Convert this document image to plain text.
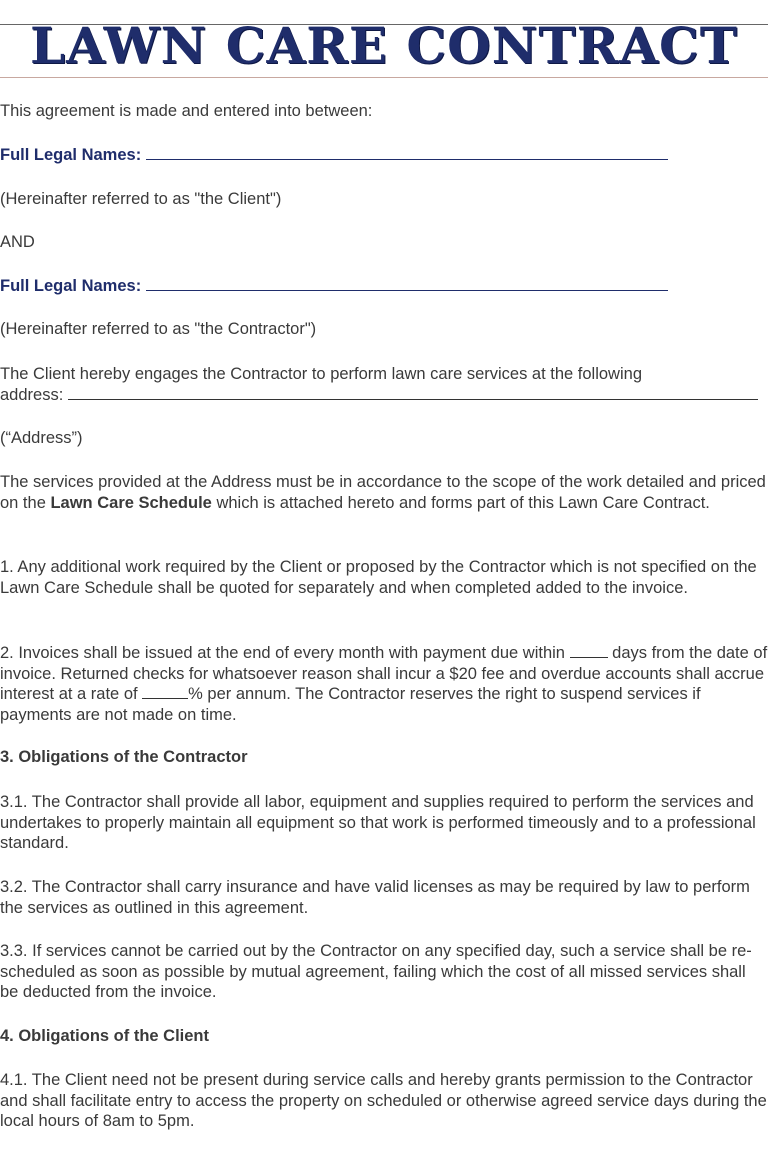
LAWN CARE CONTRACT

This agreement is made and entered into between:

Full Legal Names:

(Hereinafter referred to as "the Client")

AND

Full Legal Names:

(Hereinafter referred to as "the Contractor")

The Client hereby engages the Contractor to perform lawn care services at the following
address:

(“Address”)

The services provided at the Address must be in accordance to the scope of the work detailed and priced on the Lawn Care Schedule which is attached hereto and forms part of this Lawn Care Contract.

1. Any additional work required by the Client or proposed by the Contractor which is not specified on the Lawn Care Schedule shall be quoted for separately and when completed added to the invoice.

2. Invoices shall be issued at the end of every month with payment due within  days from the date of invoice. Returned checks for whatsoever reason shall incur a $20 fee and overdue accounts shall accrue interest at a rate of	% per annum. The Contractor reserves the right to suspend services if payments are not made on time.

3. Obligations of the Contractor

3.1. The Contractor shall provide all labor, equipment and supplies required to perform the services and undertakes to properly maintain all equipment so that work is performed timeously and to a professional standard.

3.2. The Contractor shall carry insurance and have valid licenses as may be required by law to perform the services as outlined in this agreement.

3.3. If services cannot be carried out by the Contractor on any specified day, such a service shall be re-scheduled as soon as possible by mutual agreement, failing which the cost of all missed services shall be deducted from the invoice.

4. Obligations of the Client

4.1. The Client need not be present during service calls and hereby grants permission to the Contractor and shall facilitate entry to access the property on scheduled or otherwise agreed service days during the local hours of 8am to 5pm.
